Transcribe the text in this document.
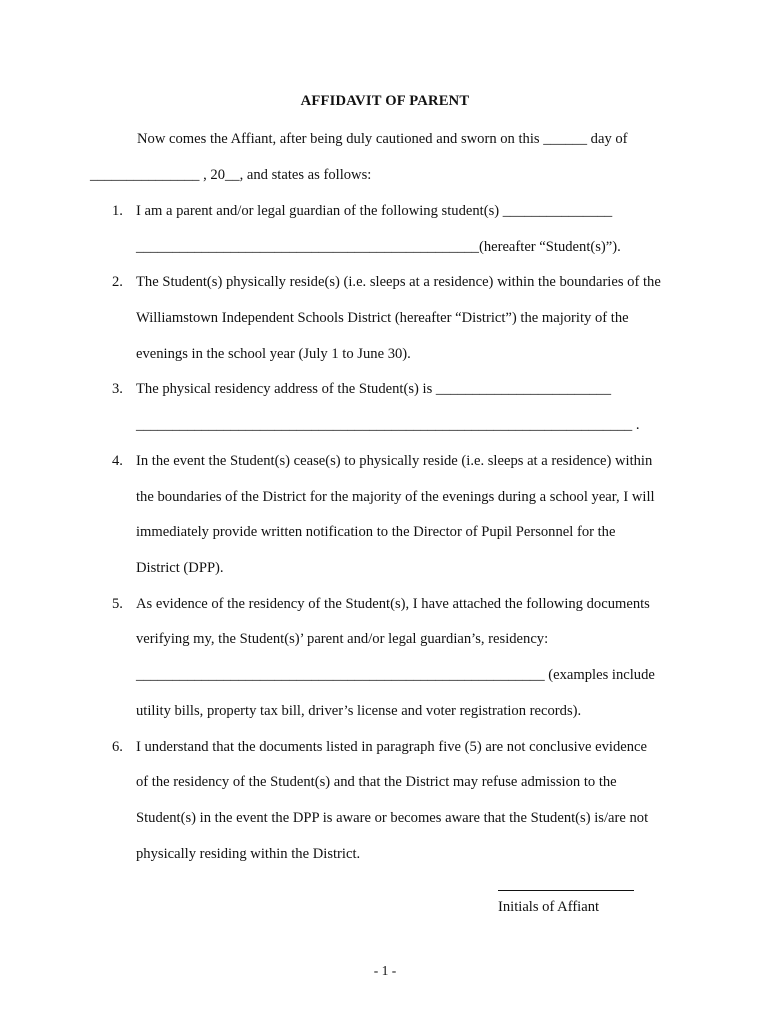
AFFIDAVIT OF PARENT
Now comes the Affiant, after being duly cautioned and sworn on this ______ day of
_______________ , 20__, and states as follows:
1. I am a parent and/or legal guardian of the following student(s) _______________
_______________________________________________(hereafter “Student(s)”).
2. The Student(s) physically reside(s) (i.e. sleeps at a residence) within the boundaries of the
Williamstown Independent Schools District (hereafter “District”) the majority of the
evenings in the school year (July 1 to June 30).
3. The physical residency address of the Student(s) is ________________________
____________________________________________________________________ .
4. In the event the Student(s) cease(s) to physically reside (i.e. sleeps at a residence) within
the boundaries of the District for the majority of the evenings during a school year, I will
immediately provide written notification to the Director of Pupil Personnel for the
District (DPP).
5. As evidence of the residency of the Student(s), I have attached the following documents
verifying my, the Student(s)’ parent and/or legal guardian’s, residency:
________________________________________________________ (examples include
utility bills, property tax bill, driver’s license and voter registration records).
6. I understand that the documents listed in paragraph five (5) are not conclusive evidence
of the residency of the Student(s) and that the District may refuse admission to the
Student(s) in the event the DPP is aware or becomes aware that the Student(s) is/are not
physically residing within the District.
Initials of Affiant
- 1 -
